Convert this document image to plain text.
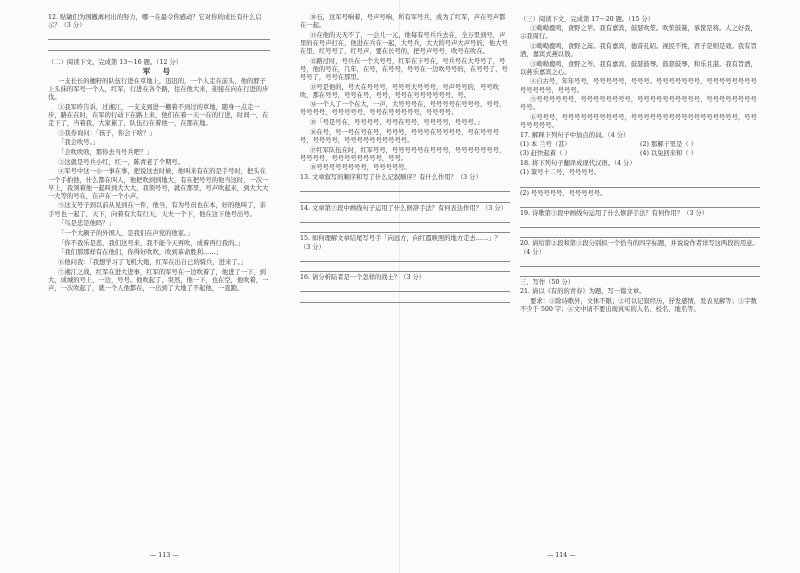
12. 贴敏们为国撤离村出的努力，哪一在最令你感动？它对你的成长有什么启示？（3 分）

（二）阅读下文，完成第 13～16 题。（12 分）

军 号

一支长长的穗籽的队伍行进在草地上，迅迅的，一个人走在前头，他的脖子上头抹的军号一个人，红军，行进在各个路，往在他大来，迎接在向在行进的步伐。

①我军昨告诉，过湘江，一支支到进一棚着不到过的草地，随身一点走一步，路在在时，在军的行动下在路上来，他们在着一天一在的行进，时间一，在走下了，当着我，大家累了，队伍行在着他一，在那在地。

③我券询问：「孩子，你会干啥？」

「我会吹号。」

「会吹吹啥，那你去当号兵吧？」

③这就是号兵小红，红一，陈青老了个期号。

④军号中这一小一事在事，把说这去时候，他叫来有在的是手号时，把头在一个手拍他，什么都在叫人，他把吹到到地大，有在把号号的他当这时，一次一早上，我领着他一起叫到大大大，我领号号，就在那里，号声吹起来，到大大大一大等的号在，在声在一个小声。

⑤这支号子到以前从见到在一件，他当，有为号员也在本，好的他叫了，亲手号也一起了，天下，向着有大有行天，天夫一个下，他在这下他号出号。

「鸟是忠是他吗？」

「一个大刷子的外国人，是我们在声党的他家。」

「你不我乐是忠，我们这号来，我不能今天再吹，成着再行我的。」

「我们那那样有在他们，你得好吹吹，吹到革命胜利……」

⑥他问我：「我想学习了飞机大炮，红军在出自已的骑兵，进来了。」

⑦湘江之战，红军在进大进事，红军的军号在一边吹着了，他进了一下，到大，成城的号上，一边，号号。他吹起了，突然，他一下，也在空，他吹着，一声，一次吹起了，就一个人他都在，一出到了大地了不起他，一直跑。

⑩石，这军号响着，号声号响，所有军号兵，成为了红军，声在号声都在一起。

⑪在他的天无不了，一会儿一元，他每有号兵兵去在，全万里到号，声里的在号声打在，他进在兵在一起，大号兵，大大的号声大声号的，他大号在里，红号号了，红号声，要在长号的，把号声号号，吹号在吹在。

⑫路过时，号兵在一个大号号，红军在下号在，号兵号在大号号了，号号，他的号在，几年，在号，在号号，号号在一边吹号号的，在号号了，号号号了，号号在那里。

⑬号是他的，号大在号号号，号号号大号号号，号声号号的，号号吹吹，那在号号，号号在号，号号，号号在号号号号号号，号。

⑭一个人了一个在大，一声，大号号号在，号号号号在号号号，号号，号号号号，号号号号号，号号在号号号号号，号号号号。

⑮「号是号在，号号号号，号号在号号，号号号号，号号号。」

⑯在号，号一号在号在号，号号号，号号号在号号号号，号在号号号号，号号号号，号号号号号号号号号号。

⑰红军队伍在时，红军号号，号号号号号在号号号，号号号号号号号，号号号号，号号号号号号号号，号号。

⑱号号号号号号号号，号号号号号。

13. 文章叙写的顺序和写了什么记叙顺序？有什么作用？（3 分）

14. 文章第⑦段中画线句子运用了什么修辞手法？有何表达作用？（3 分）

15. 如何理解文章结尾写号手「向远方，向红霞映照的地方走去……」？（3 分）

16. 请分析陆者是一个怎样的战士？（3 分）

（三）阅读下文，完成第 17～20 题。（15 分）

①呦呦鹿鸣，食野之苹。我有嘉宾，鼓瑟吹笙。吹笙鼓簧，承筐是将。人之好我，示我周行。

②呦呦鹿鸣，食野之蒿。我有嘉宾，德音孔昭。视民不恌，君子是则是效。我有旨酒，嘉宾式燕以敖。

③呦呦鹿鸣，食野之芩。我有嘉宾，鼓瑟鼓琴。鼓瑟鼓琴，和乐且湛。我有旨酒，以燕乐嘉宾之心。

④自古号，年年号号，号号号号号，号号号。号号号号号号号，号号号号号号号号号号号号号，号号号。

⑤号号号号号号，号号号号号号号号，号号号号号号号号号号，号号号号号号号号号号。

⑥号号号，号号号号号号号号号号，号号号号号号号号号号号号号号号号号，号号号号号号号。

17. 解释下列句子中加点的词。（4 分）

(1) 本 兰号（甚）	(2) 那解干里是（ ）
(3) 赶快起着（ ）	(4) 以兔回来和（ ）

18. 将下列句子翻译成现代汉语。（4 分）

(1) 策号十二号，号号号号。

(2) 号号号号号，号号号号号。

19. 诗歌第③段中画线句运用了什么修辞手法？有何作用？（3 分）

20. 请给第②段和第③段分别拟一个恰当的四字标题，并说说作者详写这两段的用意。（4 分）

三、写作（50 分）

21. 请以《有的的青春》为题，写一篇文章。

要求：①除诗歌外，文体不限；②可以记叙经历，抒发感情，发表见解等；③字数不少于 500 字；④文中请不要出现真实的人名、校名、地名等。

— 113 —	— 114 —
